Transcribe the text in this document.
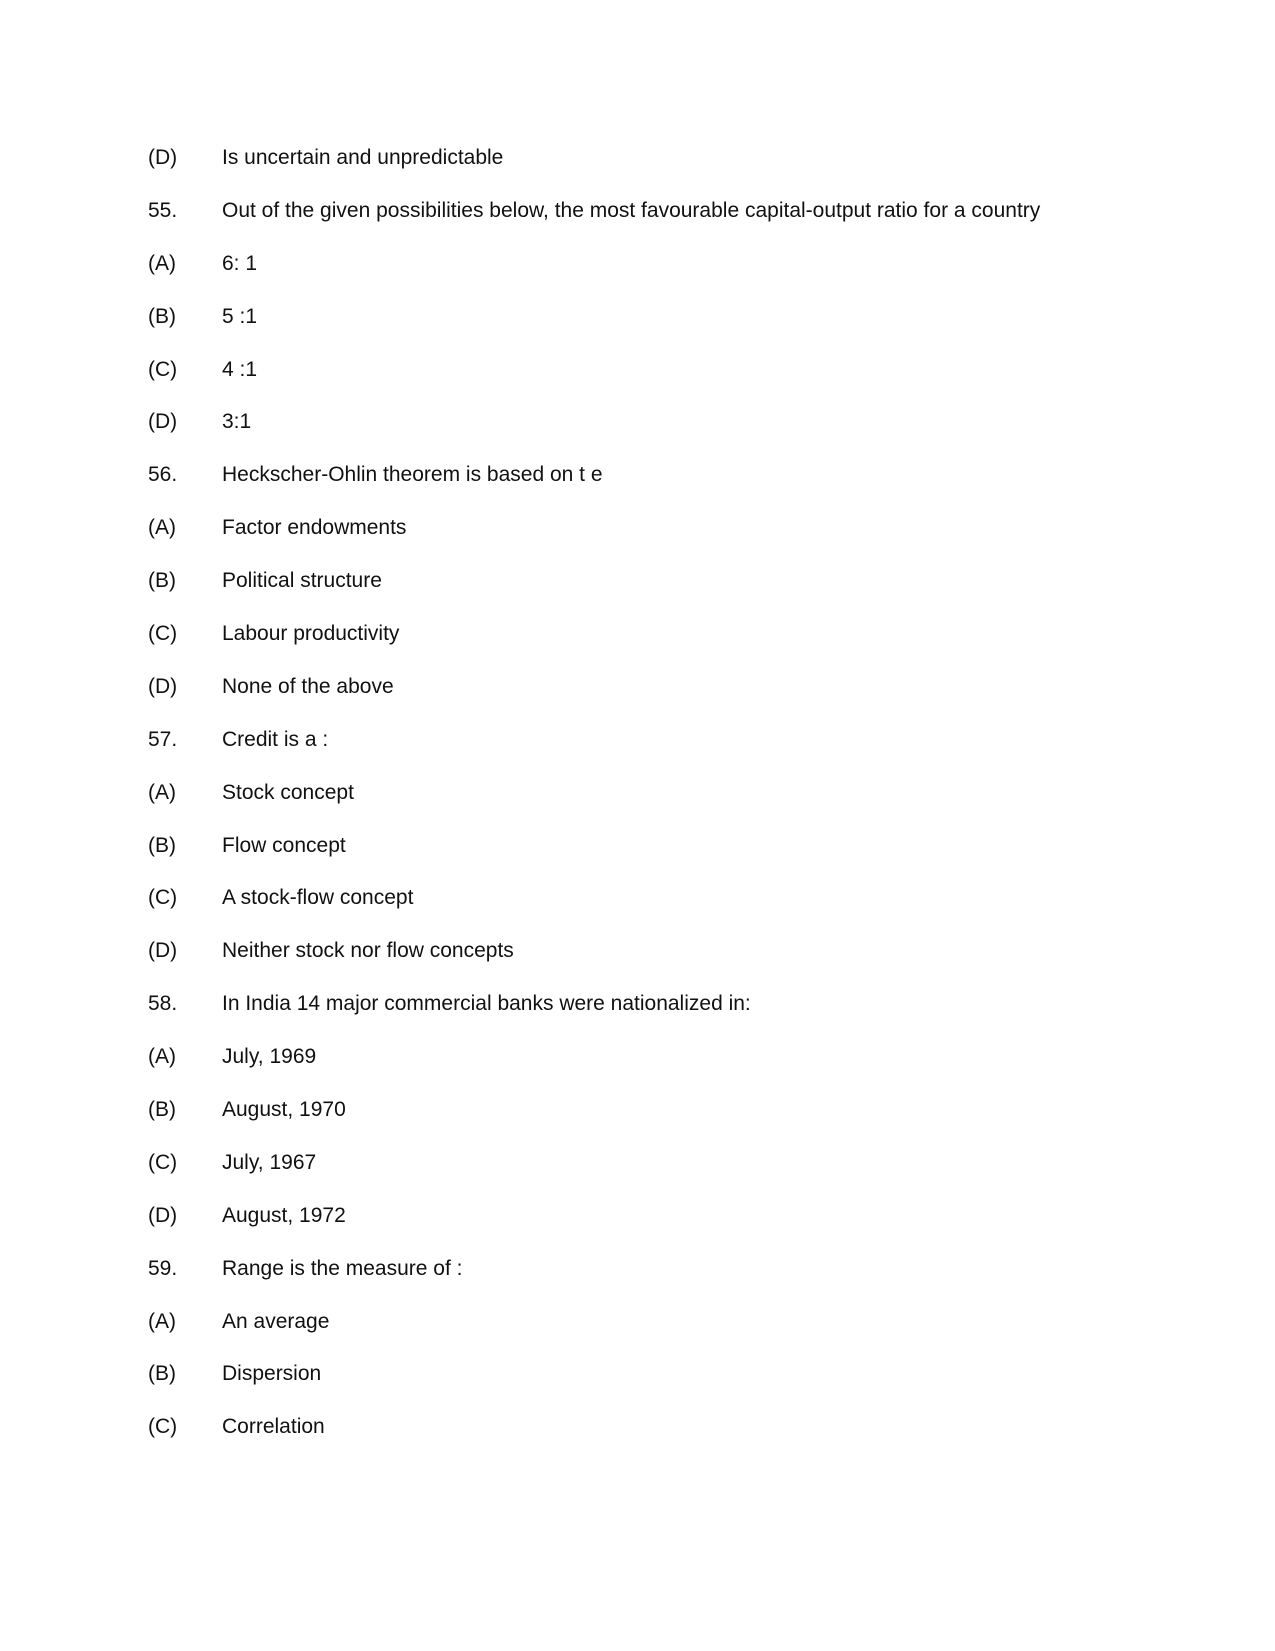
(D)	Is uncertain and unpredictable
55.	Out of the given possibilities below, the most favourable capital-output ratio for a country
(A)	6: 1
(B)	5 :1
(C)	4 :1
(D)	3:1
56.	Heckscher-Ohlin theorem is based on t e
(A)	Factor endowments
(B)	Political structure
(C)	Labour productivity
(D)	None of the above
57.	Credit is a :
(A)	Stock concept
(B)	Flow concept
(C)	A stock-flow concept
(D)	Neither stock nor flow concepts
58.	In India 14 major commercial banks were nationalized in:
(A)	July, 1969
(B)	August, 1970
(C)	July, 1967
(D)	August, 1972
59.	Range is the measure of :
(A)	An average
(B)	Dispersion
(C)	Correlation
